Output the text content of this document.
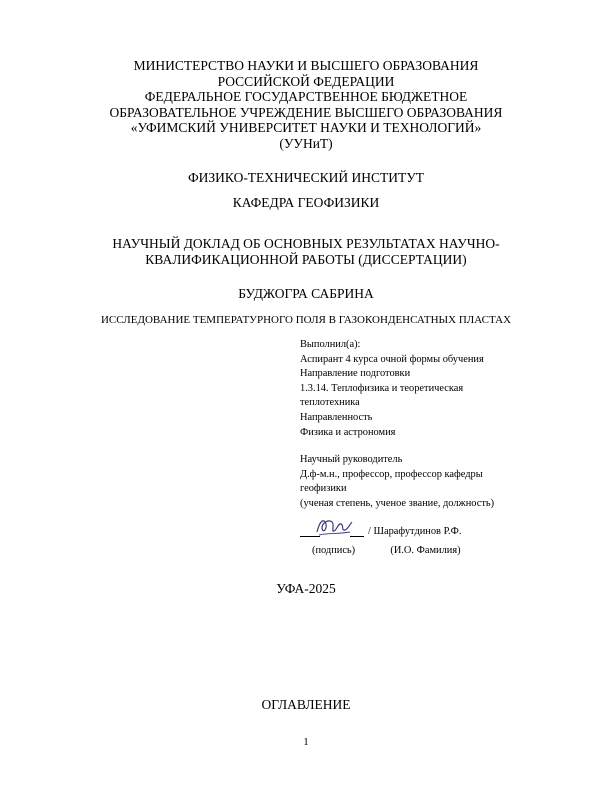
МИНИСТЕРСТВО НАУКИ И ВЫСШЕГО ОБРАЗОВАНИЯ
РОССИЙСКОЙ ФЕДЕРАЦИИ
ФЕДЕРАЛЬНОЕ ГОСУДАРСТВЕННОЕ БЮДЖЕТНОЕ
ОБРАЗОВАТЕЛЬНОЕ УЧРЕЖДЕНИЕ ВЫСШЕГО ОБРАЗОВАНИЯ
«УФИМСКИЙ УНИВЕРСИТЕТ НАУКИ И ТЕХНОЛОГИЙ»
(УУНиТ)
ФИЗИКО-ТЕХНИЧЕСКИЙ ИНСТИТУТ
КАФЕДРА ГЕОФИЗИКИ
НАУЧНЫЙ ДОКЛАД ОБ ОСНОВНЫХ РЕЗУЛЬТАТАХ НАУЧНО-
КВАЛИФИКАЦИОННОЙ РАБОТЫ (ДИССЕРТАЦИИ)
БУДЖОГРА САБРИНА
ИССЛЕДОВАНИЕ ТЕМПЕРАТУРНОГО ПОЛЯ В ГАЗОКОНДЕНСАТНЫХ ПЛАСТАХ
Выполнил(а):
Аспирант 4 курса очной формы обучения
Направление подготовки
1.3.14. Теплофизика и теоретическая
теплотехника
Направленность
Физика и астрономия
Научный руководитель
Д.ф-м.н., профессор, профессор кафедры
геофизики
(ученая степень, ученое звание, должность)
/ Шарафутдинов Р.Ф.
(подпись)	(И.О. Фамилия)
УФА-2025
ОГЛАВЛЕНИЕ
1
